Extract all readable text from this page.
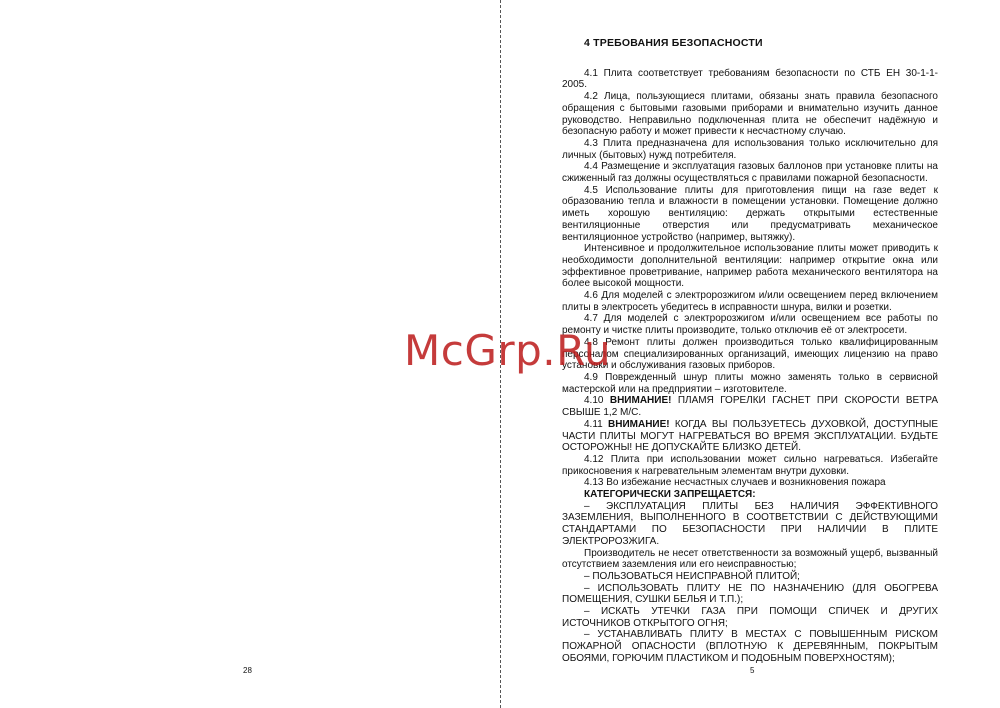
28	5
4 ТРЕБОВАНИЯ БЕЗОПАСНОСТИ

4.1 Плита соответствует требованиям безопасности по СТБ ЕН 30-1-1-2005.

4.2 Лица, пользующиеся плитами, обязаны знать правила безопасного обращения с бытовыми газовыми приборами и внимательно изучить данное руководство. Неправильно подключенная плита не обеспечит надёжную и безопасную работу и может привести к несчастному случаю.

4.3 Плита предназначена для использования только исключительно для личных (бытовых) нужд потребителя.

4.4 Размещение и эксплуатация газовых баллонов при установке плиты на сжиженный газ должны осуществляться с правилами пожарной безопасности.

4.5 Использование плиты для приготовления пищи на газе ведет к образованию тепла и влажности в помещении установки. Помещение должно иметь хорошую вентиляцию: держать открытыми естественные вентиляционные отверстия или предусматривать механическое вентиляционное устройство (например, вытяжку).

Интенсивное и продолжительное использование плиты может приводить к необходимости дополнительной вентиляции: например открытие окна или эффективное проветривание, например работа механического вентилятора на более высокой мощности.

4.6 Для моделей с электророзжигом и/или освещением перед включением плиты в электросеть убедитесь в исправности шнура, вилки и розетки.

4.7 Для моделей с электророзжигом и/или освещением все работы по ремонту и чистке плиты производите, только отключив её от электросети.

4.8 Ремонт плиты должен производиться только квалифицированным персоналом специализированных организаций, имеющих лицензию на право установки и обслуживания газовых приборов.

4.9 Поврежденный шнур плиты можно заменять только в сервисной мастерской или на предприятии – изготовителе.

4.10 ВНИМАНИЕ! ПЛАМЯ ГОРЕЛКИ ГАСНЕТ ПРИ СКОРОСТИ ВЕТРА СВЫШЕ 1,2 М/С.

4.11 ВНИМАНИЕ! КОГДА ВЫ ПОЛЬЗУЕТЕСЬ ДУХОВКОЙ, ДОСТУПНЫЕ ЧАСТИ ПЛИТЫ МОГУТ НАГРЕВАТЬСЯ ВО ВРЕМЯ ЭКСПЛУАТАЦИИ. БУДЬТЕ ОСТОРОЖНЫ! НЕ ДОПУСКАЙТЕ БЛИЗКО ДЕТЕЙ.

4.12 Плита при использовании может сильно нагреваться. Избегайте прикосновения к нагревательным элементам внутри духовки.

4.13 Во избежание несчастных случаев и возникновения пожара

КАТЕГОРИЧЕСКИ ЗАПРЕЩАЕТСЯ:

– ЭКСПЛУАТАЦИЯ ПЛИТЫ БЕЗ НАЛИЧИЯ ЭФФЕКТИВНОГО ЗАЗЕМЛЕНИЯ, ВЫПОЛНЕННОГО В СООТВЕТСТВИИ С ДЕЙСТВУЮЩИМИ СТАНДАРТАМИ ПО БЕЗОПАСНОСТИ ПРИ НАЛИЧИИ В ПЛИТЕ ЭЛЕКТРОРОЗЖИГА.

Производитель не несет ответственности за возможный ущерб, вызванный отсутствием заземления или его неисправностью;

– ПОЛЬЗОВАТЬСЯ НЕИСПРАВНОЙ ПЛИТОЙ;

– ИСПОЛЬЗОВАТЬ ПЛИТУ НЕ ПО НАЗНАЧЕНИЮ (ДЛЯ ОБОГРЕВА ПОМЕЩЕНИЯ, СУШКИ БЕЛЬЯ И Т.П.);

– ИСКАТЬ УТЕЧКИ ГАЗА ПРИ ПОМОЩИ СПИЧЕК И ДРУГИХ ИСТОЧНИКОВ ОТКРЫТОГО ОГНЯ;

– УСТАНАВЛИВАТЬ ПЛИТУ В МЕСТАХ С ПОВЫШЕННЫМ РИСКОМ ПОЖАРНОЙ ОПАСНОСТИ (ВПЛОТНУЮ К ДЕРЕВЯННЫМ, ПОКРЫТЫМ ОБОЯМИ, ГОРЮЧИМ ПЛАСТИКОМ И ПОДОБНЫМ ПОВЕРХНОСТЯМ);

McGrp.Ru
